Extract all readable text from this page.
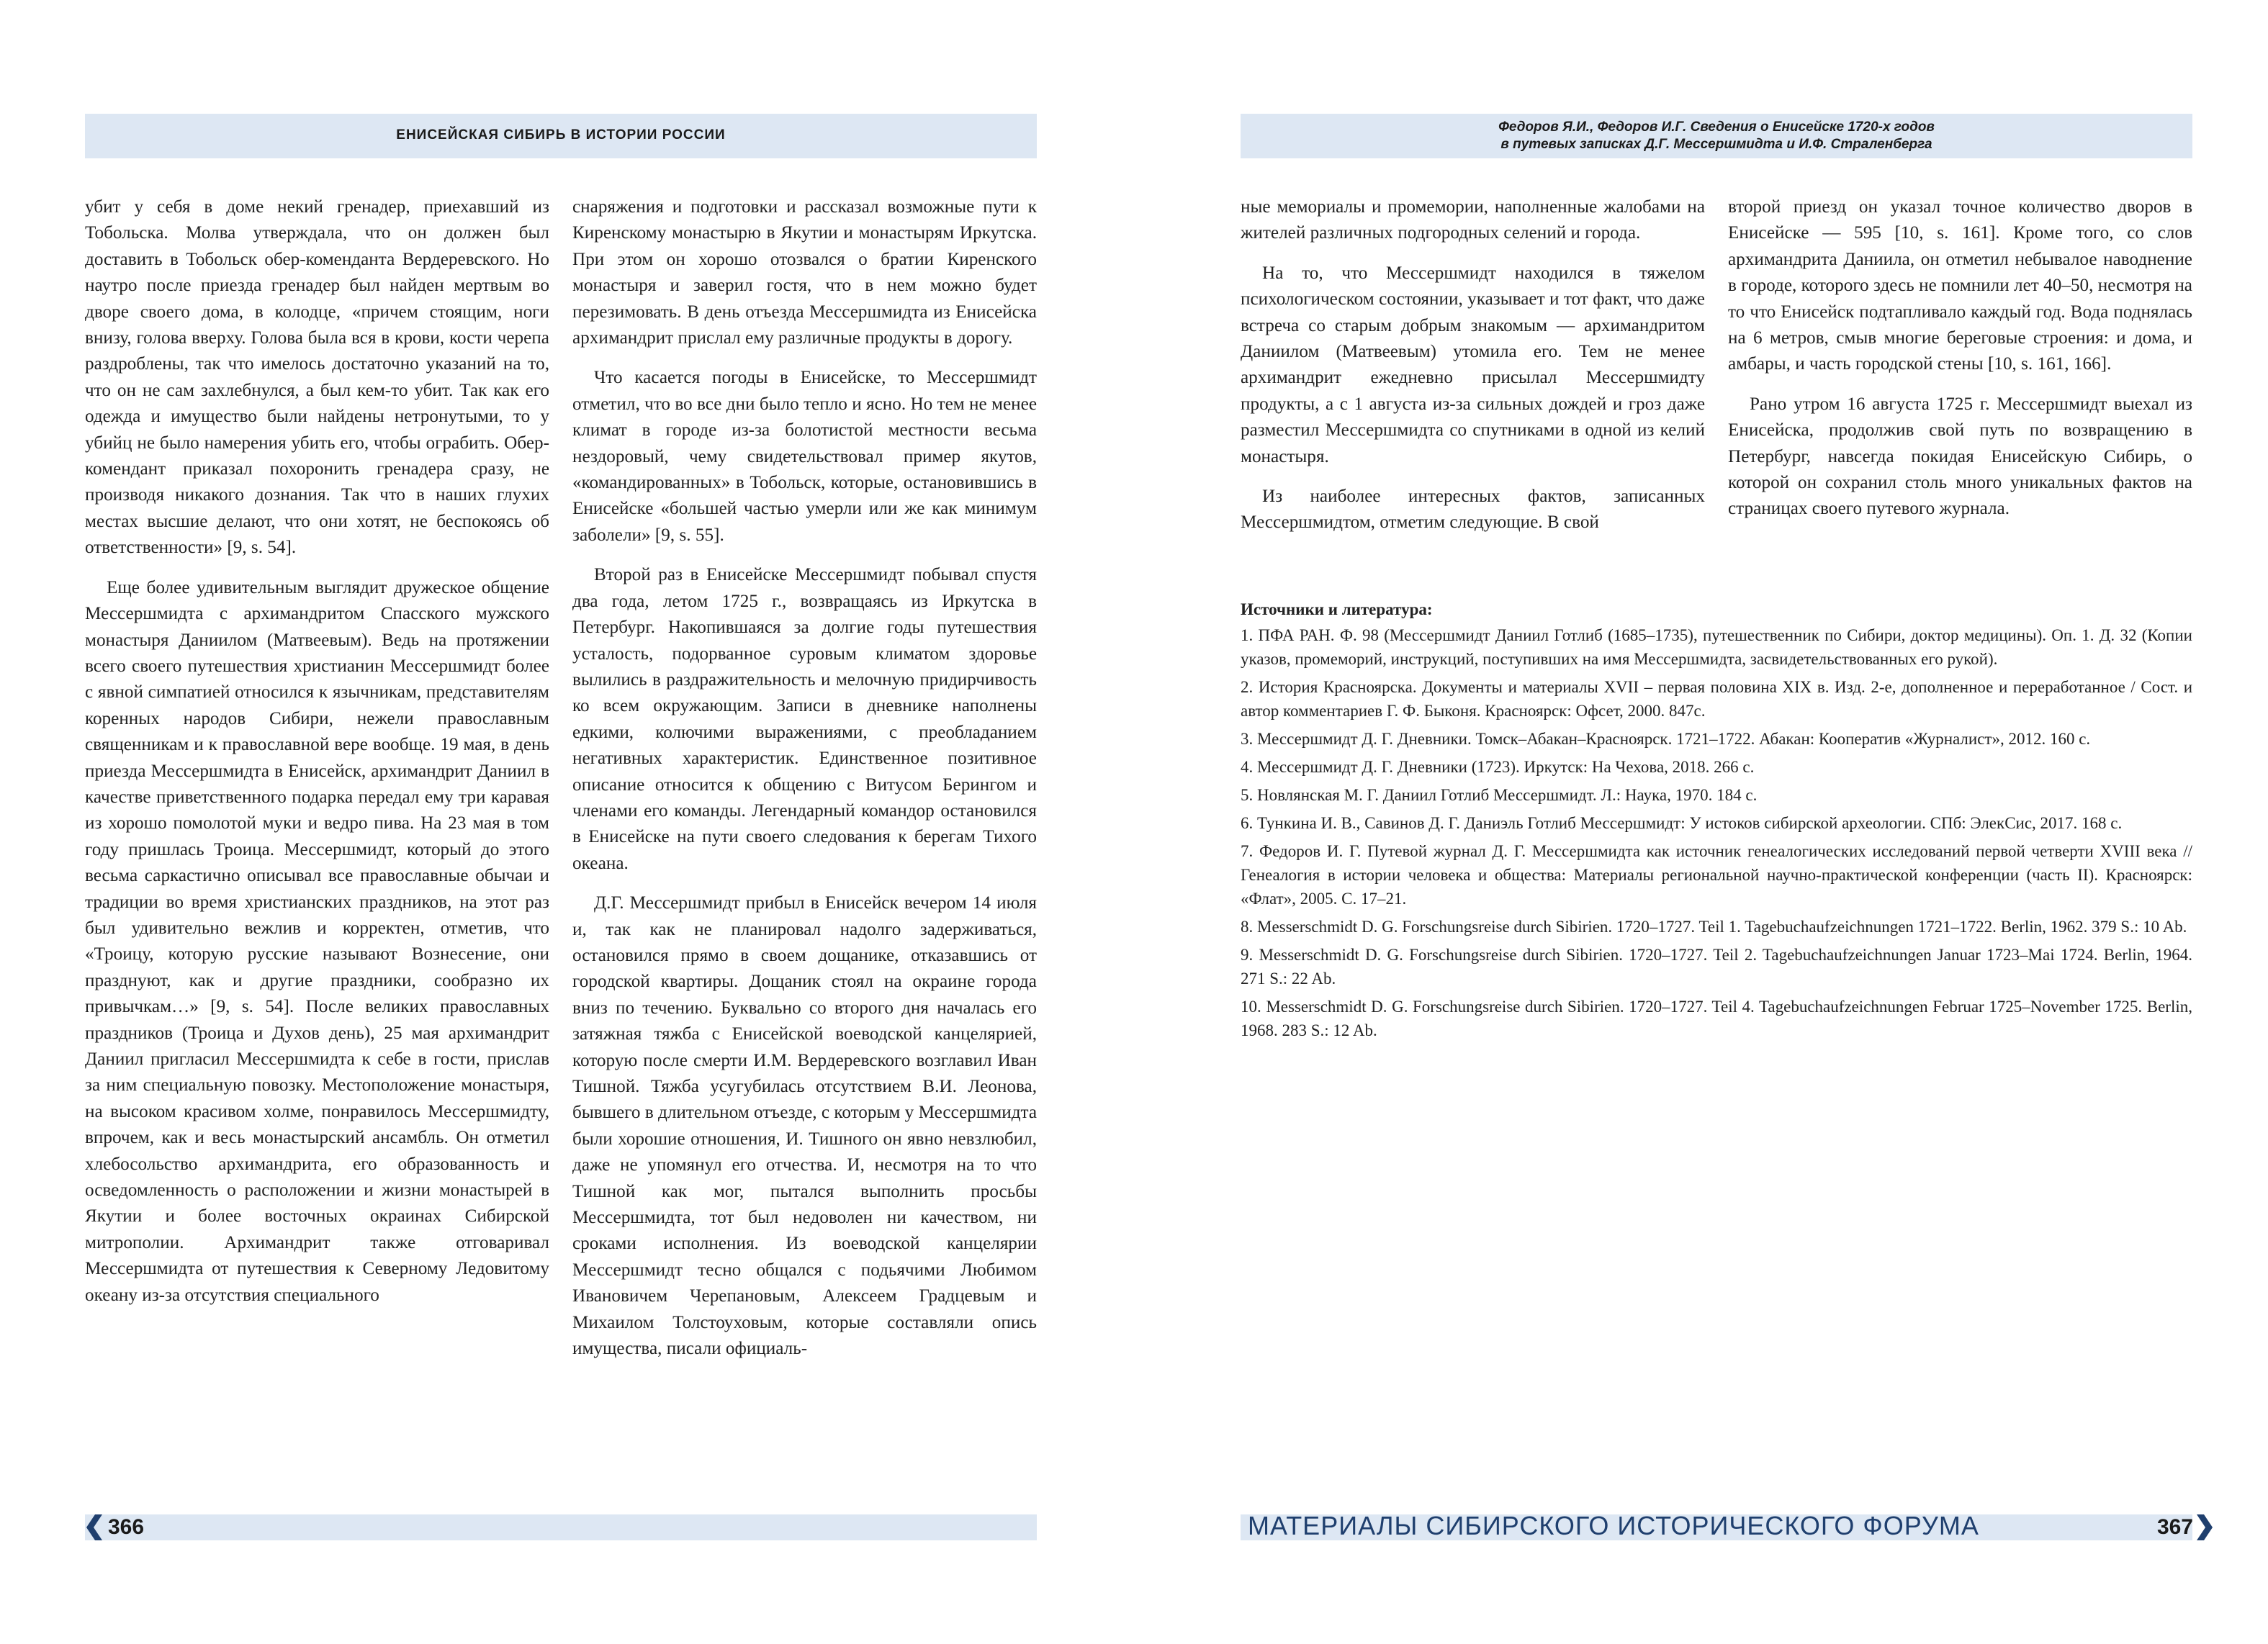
ЕНИСЕЙСКАЯ СИБИРЬ В ИСТОРИИ РОССИИ

убит у себя в доме некий гренадер, приехавший из Тобольска. Молва утверждала, что он должен был доставить в Тобольск обер-коменданта Вердеревского. Но наутро после приезда гренадер был найден мертвым во дворе своего дома, в колодце, «причем стоящим, ноги внизу, голова вверху. Голова была вся в крови, кости черепа раздроблены, так что имелось достаточно указаний на то, что он не сам захлебнулся, а был кем-то убит. Так как его одежда и имущество были найдены нетронутыми, то у убийц не было намерения убить его, чтобы ограбить. Обер-комендант приказал похоронить гренадера сразу, не производя никакого дознания. Так что в наших глухих местах высшие делают, что они хотят, не беспокоясь об ответственности» [9, s. 54].

Еще более удивительным выглядит дружеское общение Мессершмидта с архимандритом Спасского мужского монастыря Даниилом (Матвеевым). Ведь на протяжении всего своего путешествия христианин Мессершмидт более с явной симпатией относился к язычникам, представителям коренных народов Сибири, нежели православным священникам и к православной вере вообще. 19 мая, в день приезда Мессершмидта в Енисейск, архимандрит Даниил в качестве приветственного подарка передал ему три каравая из хорошо помолотой муки и ведро пива. На 23 мая в том году пришлась Троица. Мессершмидт, который до этого весьма саркастично описывал все православные обычаи и традиции во время христианских праздников, на этот раз был удивительно вежлив и корректен, отметив, что «Троицу, которую русские называют Вознесение, они празднуют, как и другие праздники, сообразно их привычкам…» [9, s. 54]. После великих православных праздников (Троица и Духов день), 25 мая архимандрит Даниил пригласил Мессершмидта к себе в гости, прислав за ним специальную повозку. Местоположение монастыря, на высоком красивом холме, понравилось Мессершмидту, впрочем, как и весь монастырский ансамбль. Он отметил хлебосольство архимандрита, его образованность и осведомленность о расположении и жизни монастырей в Якутии и более восточных окраинах Сибирской митрополии. Архимандрит также отговаривал Мессершмидта от путешествия к Северному Ледовитому океану из-за отсутствия специального

снаряжения и подготовки и рассказал возможные пути к Киренскому монастырю в Якутии и монастырям Иркутска. При этом он хорошо отозвался о братии Киренского монастыря и заверил гостя, что в нем можно будет перезимовать. В день отъезда Мессершмидта из Енисейска архимандрит прислал ему различные продукты в дорогу.

Что касается погоды в Енисейске, то Мессершмидт отметил, что во все дни было тепло и ясно. Но тем не менее климат в городе из-за болотистой местности весьма нездоровый, чему свидетельствовал пример якутов, «командированных» в Тобольск, которые, остановившись в Енисейске «большей частью умерли или же как минимум заболели» [9, s. 55].

Второй раз в Енисейске Мессершмидт побывал спустя два года, летом 1725 г., возвращаясь из Иркутска в Петербург. Накопившаяся за долгие годы путешествия усталость, подорванное суровым климатом здоровье вылились в раздражительность и мелочную придирчивость ко всем окружающим. Записи в дневнике наполнены едкими, колючими выражениями, с преобладанием негативных характеристик. Единственное позитивное описание относится к общению с Витусом Берингом и членами его команды. Легендарный командор остановился в Енисейске на пути своего следования к берегам Тихого океана.

Д.Г. Мессершмидт прибыл в Енисейск вечером 14 июля и, так как не планировал надолго задерживаться, остановился прямо в своем дощанике, отказавшись от городской квартиры. Дощаник стоял на окраине города вниз по течению. Буквально со второго дня началась его затяжная тяжба с Енисейской воеводской канцелярией, которую после смерти И.М. Вердеревского возглавил Иван Тишной. Тяжба усугубилась отсутствием В.И. Леонова, бывшего в длительном отъезде, с которым у Мессершмидта были хорошие отношения, И. Тишного он явно невзлюбил, даже не упомянул его отчества. И, несмотря на то что Тишной как мог, пытался выполнить просьбы Мессершмидта, тот был недоволен ни качеством, ни сроками исполнения. Из воеводской канцелярии Мессершмидт тесно общался с подьячими Любимом Ивановичем Черепановым, Алексеем Градцевым и Михаилом Толстоуховым, которые составляли опись имущества, писали официаль-

366
Федоров Я.И., Федоров И.Г. Сведения о Енисейске 1720-х годов
в путевых записках Д.Г. Мессершмидта и И.Ф. Страленберга

ные мемориалы и промемории, наполненные жалобами на жителей различных подгородных селений и города.

На то, что Мессершмидт находился в тяжелом психологическом состоянии, указывает и тот факт, что даже встреча со старым добрым знакомым — архимандритом Даниилом (Матвеевым) утомила его. Тем не менее архимандрит ежедневно присылал Мессершмидту продукты, а с 1 августа из-за сильных дождей и гроз даже разместил Мессершмидта со спутниками в одной из келий монастыря.

Из наиболее интересных фактов, записанных Мессершмидтом, отметим следующие. В свой

второй приезд он указал точное количество дворов в Енисейске — 595 [10, s. 161]. Кроме того, со слов архимандрита Даниила, он отметил небывалое наводнение в городе, которого здесь не помнили лет 40–50, несмотря на то что Енисейск подтапливало каждый год. Вода поднялась на 6 метров, смыв многие береговые строения: и дома, и амбары, и часть городской стены [10, s. 161, 166].

Рано утром 16 августа 1725 г. Мессершмидт выехал из Енисейска, продолжив свой путь по возвращению в Петербург, навсегда покидая Енисейскую Сибирь, о которой он сохранил столь много уникальных фактов на страницах своего путевого журнала.

Источники и литература:
1. ПФА РАН. Ф. 98 (Мессершмидт Даниил Готлиб (1685–1735), путешественник по Сибири, доктор медицины). Оп. 1. Д. 32 (Копии указов, промеморий, инструкций, поступивших на имя Мессершмидта, засвидетельствованных его рукой).
2. История Красноярска. Документы и материалы XVII – первая половина XIX в. Изд. 2-е, дополненное и переработанное / Сост. и автор комментариев Г. Ф. Быконя. Красноярск: Офсет, 2000. 847с.
3. Мессершмидт Д. Г. Дневники. Томск–Абакан–Красноярск. 1721–1722. Абакан: Кооператив «Журналист», 2012. 160 с.
4. Мессершмидт Д. Г. Дневники (1723). Иркутск: На Чехова, 2018. 266 с.
5. Новлянская М. Г. Даниил Готлиб Мессершмидт. Л.: Наука, 1970. 184 с.
6. Тункина И. В., Савинов Д. Г. Даниэль Готлиб Мессершмидт: У истоков сибирской археологии. СПб: ЭлекСис, 2017. 168 с.
7. Федоров И. Г. Путевой журнал Д. Г. Мессершмидта как источник генеалогических исследований первой четверти XVIII века // Генеалогия в истории человека и общества: Материалы региональной научно-практической конференции (часть II). Красноярск: «Флат», 2005. С. 17–21.
8. Messerschmidt D. G. Forschungsreise durch Sibirien. 1720–1727. Teil 1. Tagebuchaufzeichnungen 1721–1722. Berlin, 1962. 379 S.: 10 Ab.
9. Messerschmidt D. G. Forschungsreise durch Sibirien. 1720–1727. Teil 2. Tagebuchaufzeichnungen Januar 1723–Mai 1724. Berlin, 1964. 271 S.: 22 Ab.
10. Messerschmidt D. G. Forschungsreise durch Sibirien. 1720–1727. Teil 4. Tagebuchaufzeichnungen Februar 1725–November 1725. Berlin, 1968. 283 S.: 12 Ab.
МАТЕРИАЛЫ СИБИРСКОГО ИСТОРИЧЕСКОГО ФОРУМА	367
